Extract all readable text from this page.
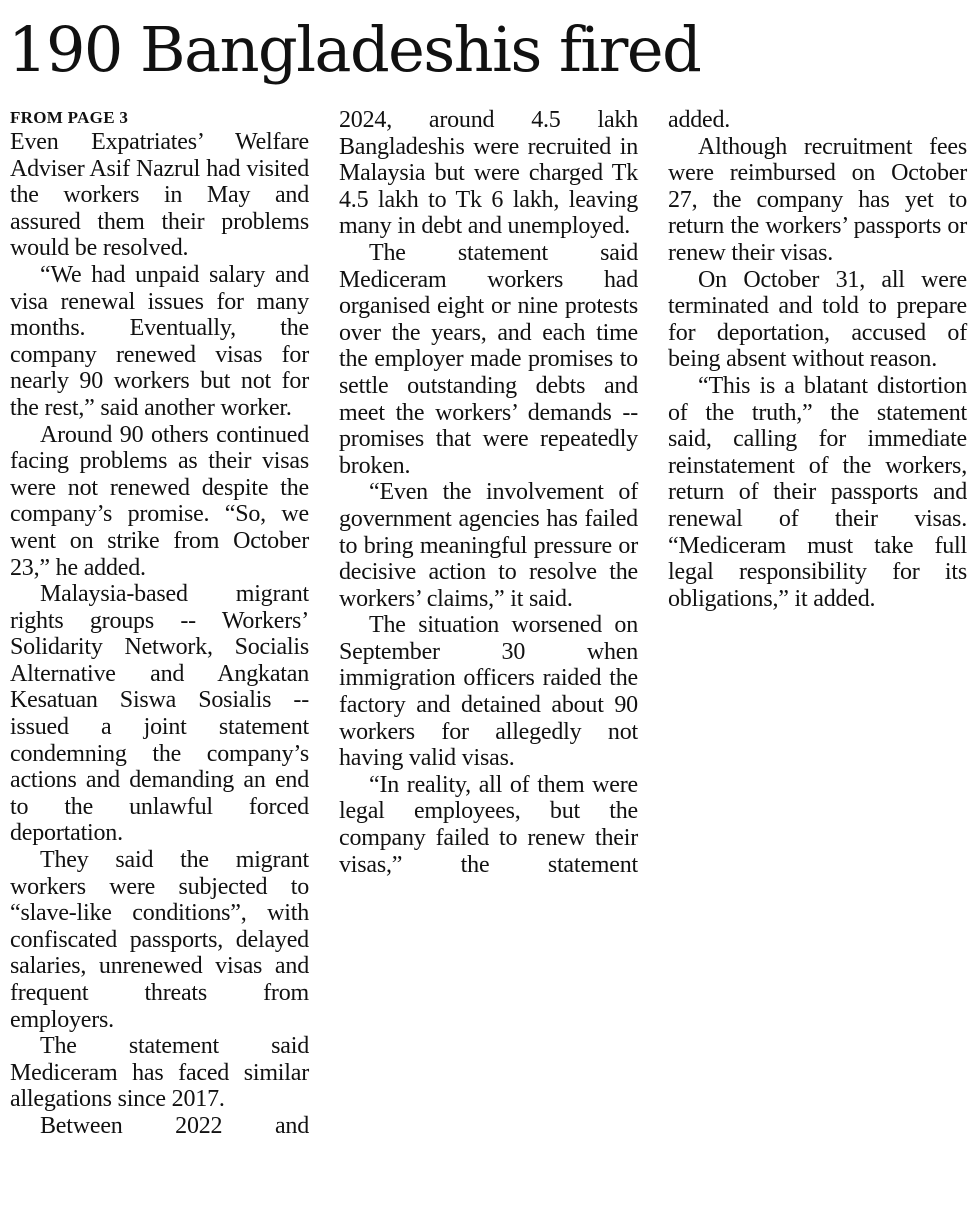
190 Bangladeshis fired
FROM PAGE 3

Even Expatriates’ Welfare Adviser Asif Nazrul had visited the workers in May and assured them their problems would be resolved.

“We had unpaid salary and visa renewal issues for many months. Eventually, the company renewed visas for nearly 90 workers but not for the rest,” said another worker.

Around 90 others continued facing problems as their visas were not renewed despite the company’s promise. “So, we went on strike from October 23,” he added.

Malaysia-based migrant rights groups -- Workers’ Solidarity Network, Socialis Alternative and Angkatan Kesatuan Siswa Sosialis -- issued a joint statement condemning the company’s actions and demanding an end to the unlawful forced deportation.

They said the migrant workers were subjected to “slave-like conditions”, with confiscated passports, delayed salaries, unrenewed visas and frequent threats from employers.

The statement said Mediceram has faced similar allegations since 2017.

Between 2022 and

2024, around 4.5 lakh Bangladeshis were recruited in Malaysia but were charged Tk 4.5 lakh to Tk 6 lakh, leaving many in debt and unemployed.

The statement said Mediceram workers had organised eight or nine protests over the years, and each time the employer made promises to settle outstanding debts and meet the workers’ demands -- promises that were repeatedly broken.

“Even the involvement of government agencies has failed to bring meaningful pressure or decisive action to resolve the workers’ claims,” it said.

The situation worsened on September 30 when immigration officers raided the factory and detained about 90 workers for allegedly not having valid visas.

“In reality, all of them were legal employees, but the company failed to renew their visas,” the statement

added.

Although recruitment fees were reimbursed on October 27, the company has yet to return the workers’ passports or renew their visas.

On October 31, all were terminated and told to prepare for deportation, accused of being absent without reason.

“This is a blatant distortion of the truth,” the statement said, calling for immediate reinstatement of the workers, return of their passports and renewal of their visas. “Mediceram must take full legal responsibility for its obligations,” it added.
